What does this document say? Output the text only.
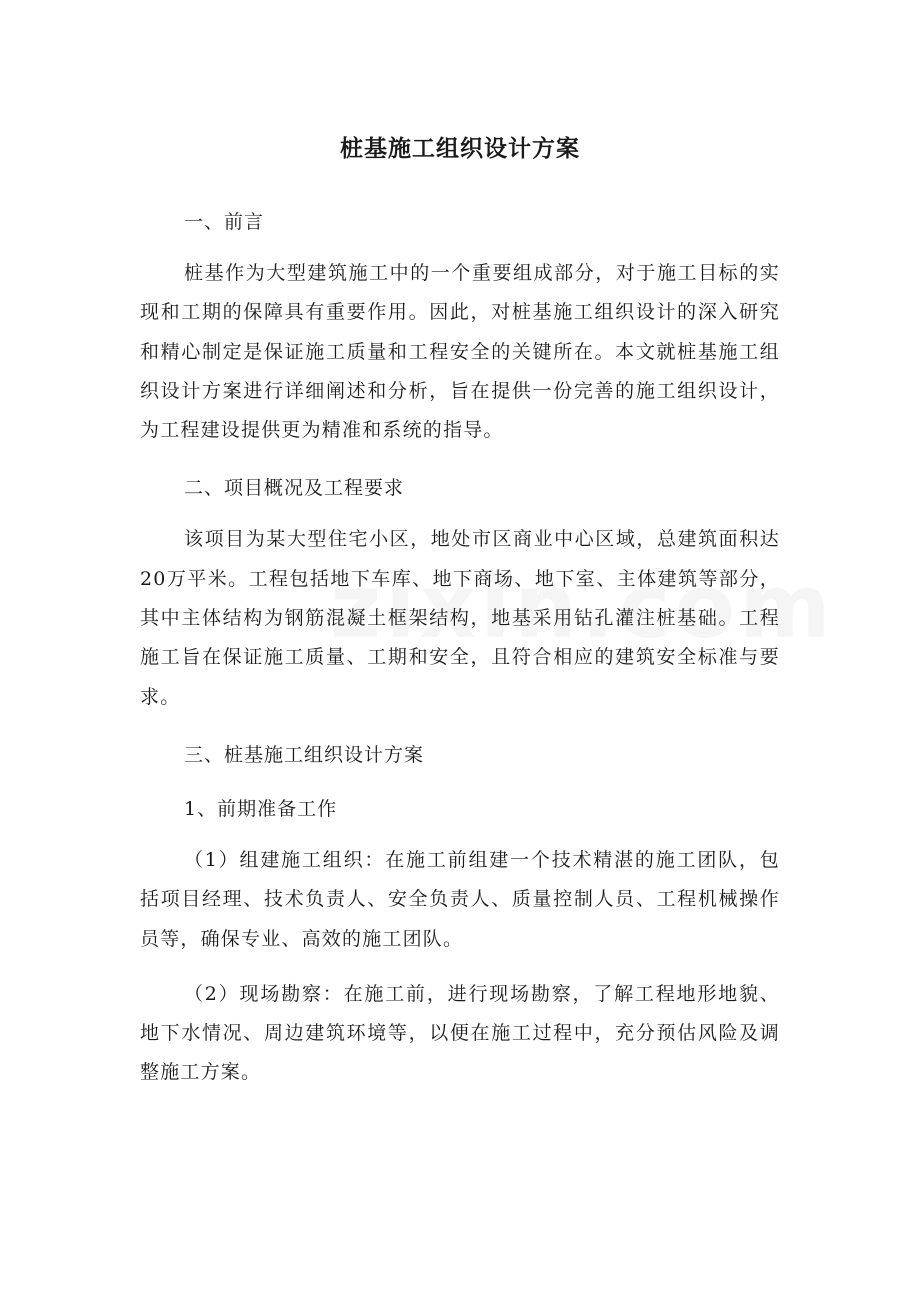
桩基施工组织设计方案

一、前言

桩基作为大型建筑施工中的一个重要组成部分，对于施工目标的实现和工期的保障具有重要作用。因此，对桩基施工组织设计的深入研究和精心制定是保证施工质量和工程安全的关键所在。本文就桩基施工组织设计方案进行详细阐述和分析，旨在提供一份完善的施工组织设计，为工程建设提供更为精准和系统的指导。

二、项目概况及工程要求

该项目为某大型住宅小区，地处市区商业中心区域，总建筑面积达20万平米。工程包括地下车库、地下商场、地下室、主体建筑等部分，其中主体结构为钢筋混凝土框架结构，地基采用钻孔灌注桩基础。工程施工旨在保证施工质量、工期和安全，且符合相应的建筑安全标准与要求。

三、桩基施工组织设计方案

1、前期准备工作

（1）组建施工组织：在施工前组建一个技术精湛的施工团队，包括项目经理、技术负责人、安全负责人、质量控制人员、工程机械操作员等，确保专业、高效的施工团队。

（2）现场勘察：在施工前，进行现场勘察，了解工程地形地貌、地下水情况、周边建筑环境等，以便在施工过程中，充分预估风险及调整施工方案。
